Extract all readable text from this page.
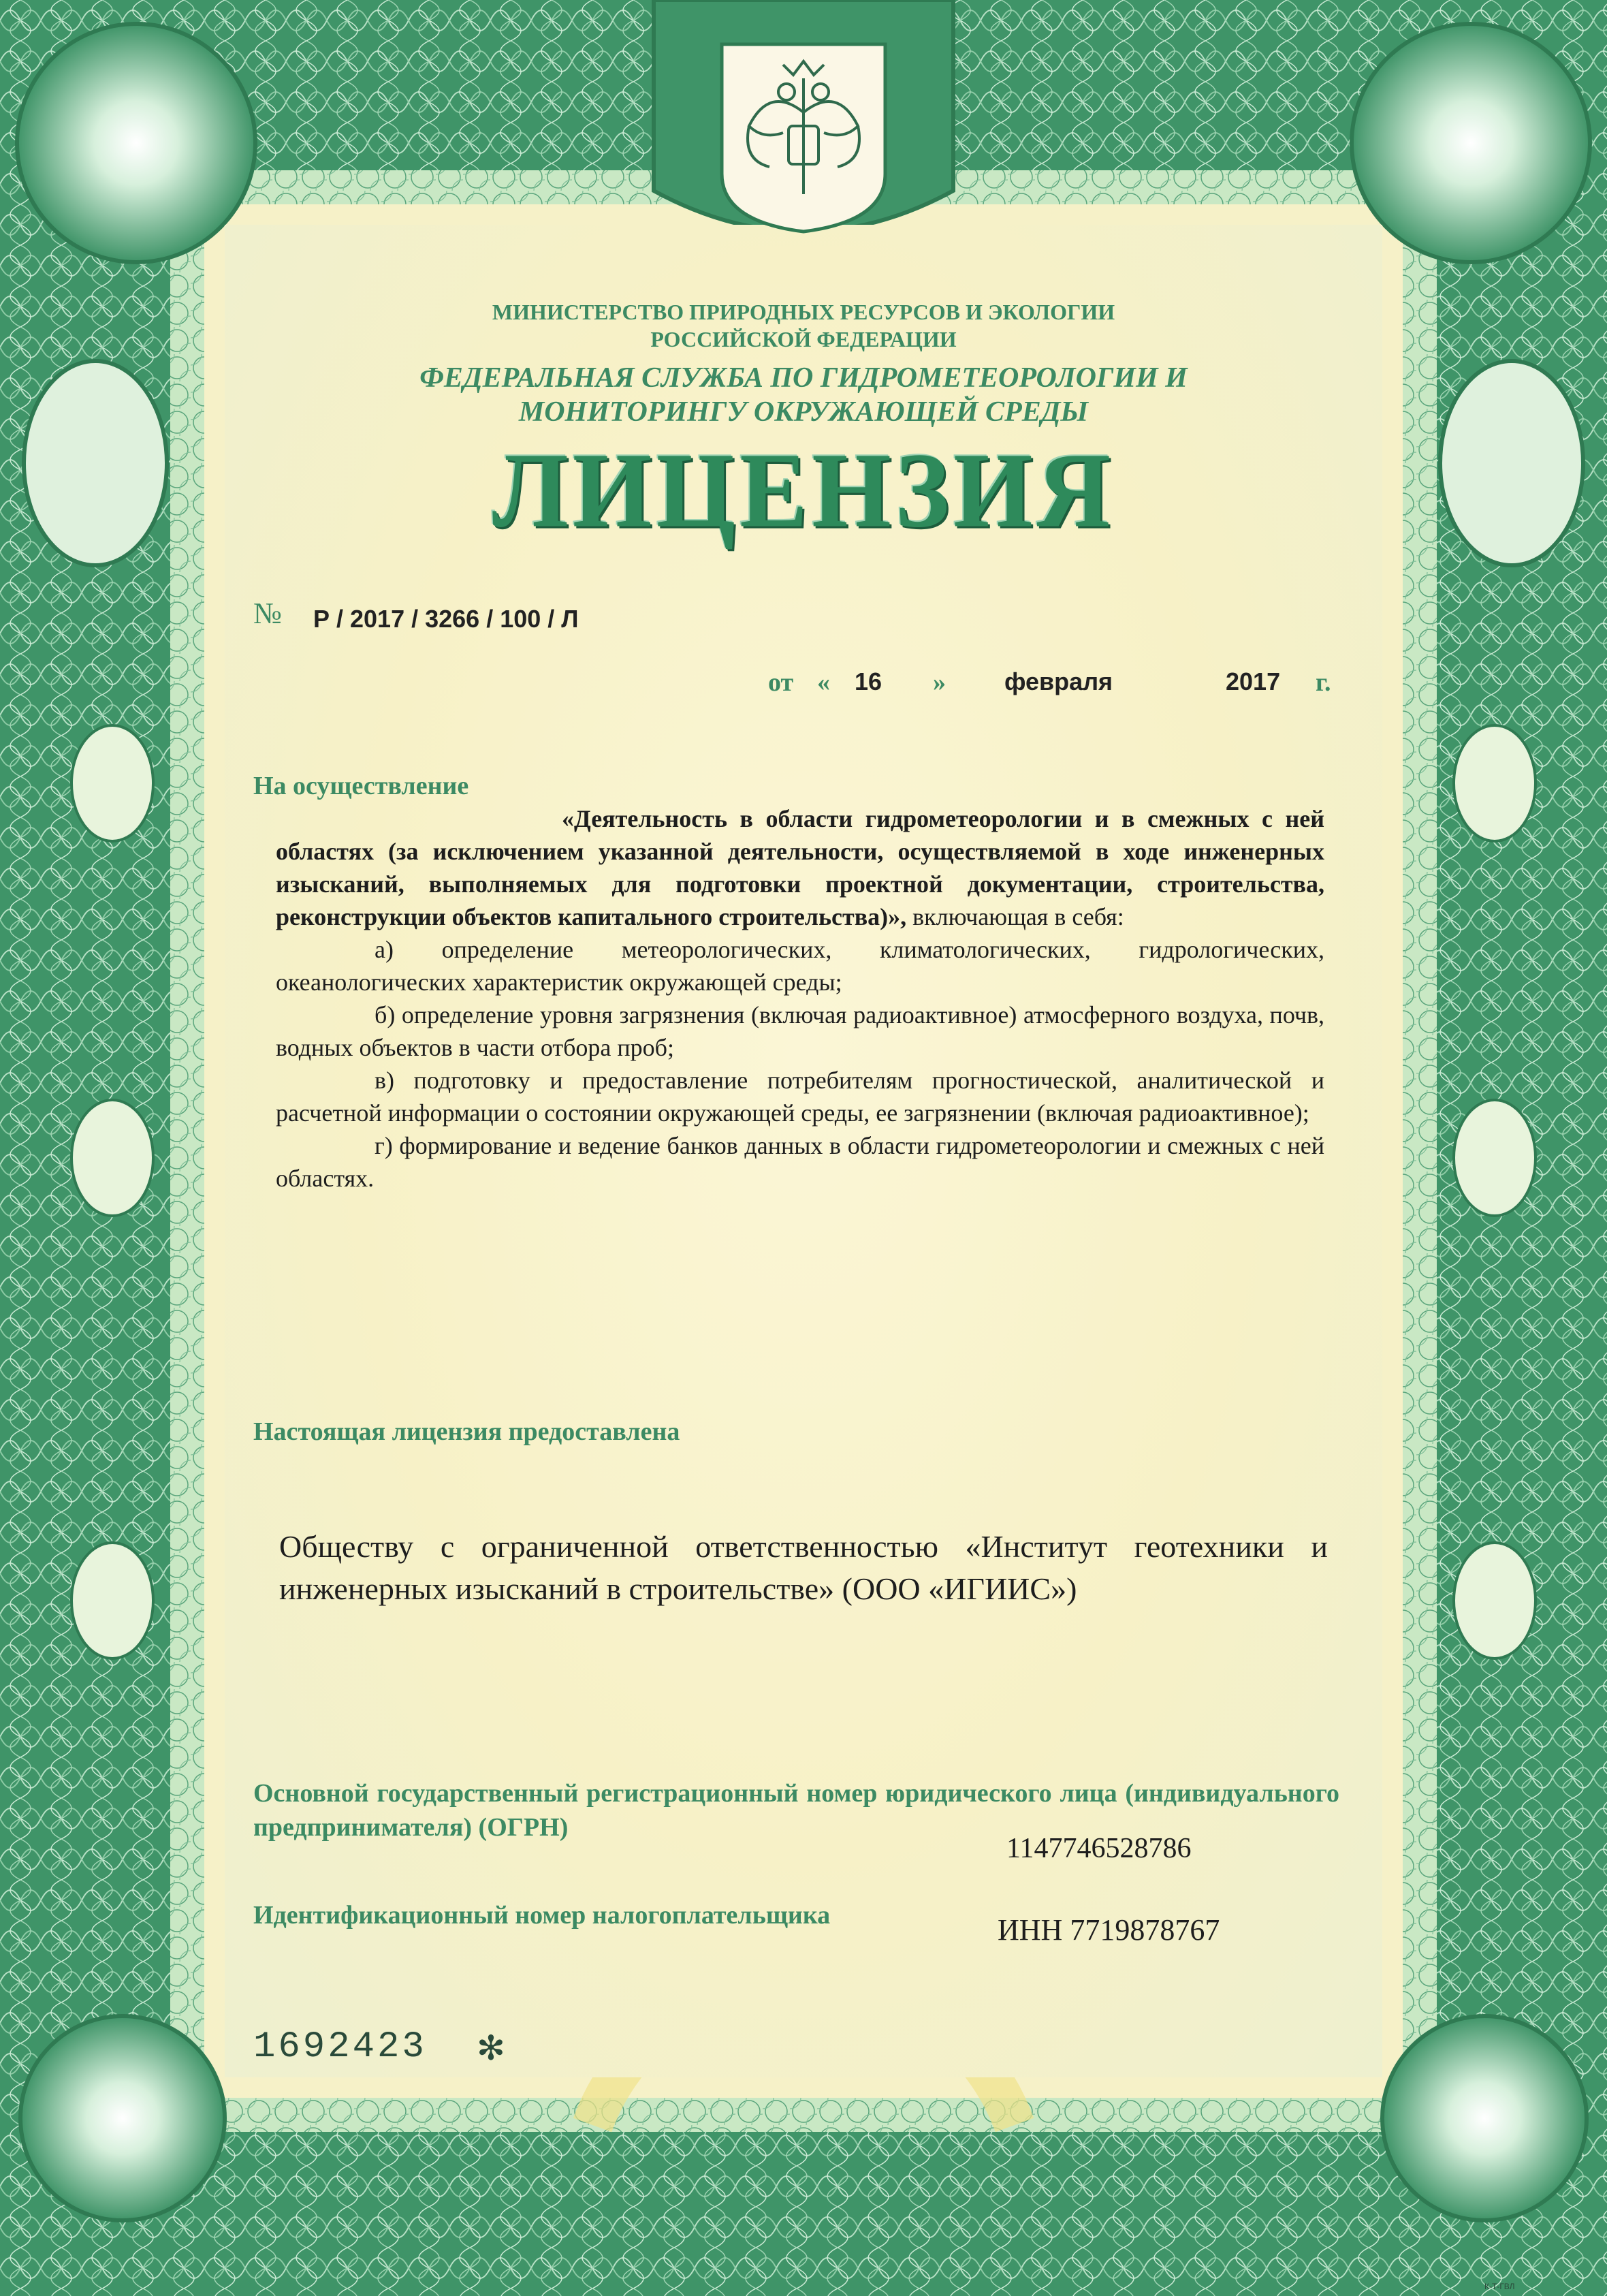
МИНИСТЕРСТВО ПРИРОДНЫХ РЕСУРСОВ И ЭКОЛОГИИ
РОССИЙСКОЙ ФЕДЕРАЦИИ
ФЕДЕРАЛЬНАЯ СЛУЖБА ПО ГИДРОМЕТЕОРОЛОГИИ И
МОНИТОРИНГУ ОКРУЖАЮЩЕЙ СРЕДЫ
ЛИЦЕНЗИЯ
№ Р / 2017 / 3266 / 100 / Л
от « 16 » февраля	2017 г.
На осуществление

«Деятельность в области гидрометеорологии и в смежных с ней областях (за исключением указанной деятельности, осуществляемой в ходе инженерных изысканий, выполняемых для подготовки проектной документации, строительства, реконструкции объектов капитального строительства)», включающая в себя:

а) определение метеорологических, климатологических, гидрологических, океанологических характеристик окружающей среды;

б) определение уровня загрязнения (включая радиоактивное) атмосферного воздуха, почв, водных объектов в части отбора проб;

в) подготовку и предоставление потребителям прогностической, аналитической и расчетной информации о состоянии окружающей среды, ее загрязнении (включая радиоактивное);

г) формирование и ведение банков данных в области гидрометеорологии и смежных с ней областях.

Настоящая лицензия предоставлена
Обществу с ограниченной ответственностью «Институт геотехники и инженерных изысканий в строительстве» (ООО «ИГИИС»)
Основной государственный регистрационный номер юридического лица (индивидуального предпринимателя) (ОГРН)
1147746528786
Идентификационный номер налогоплательщика	ИНН 7719878767
1692423 ✻
К-Т-ГВЛ
